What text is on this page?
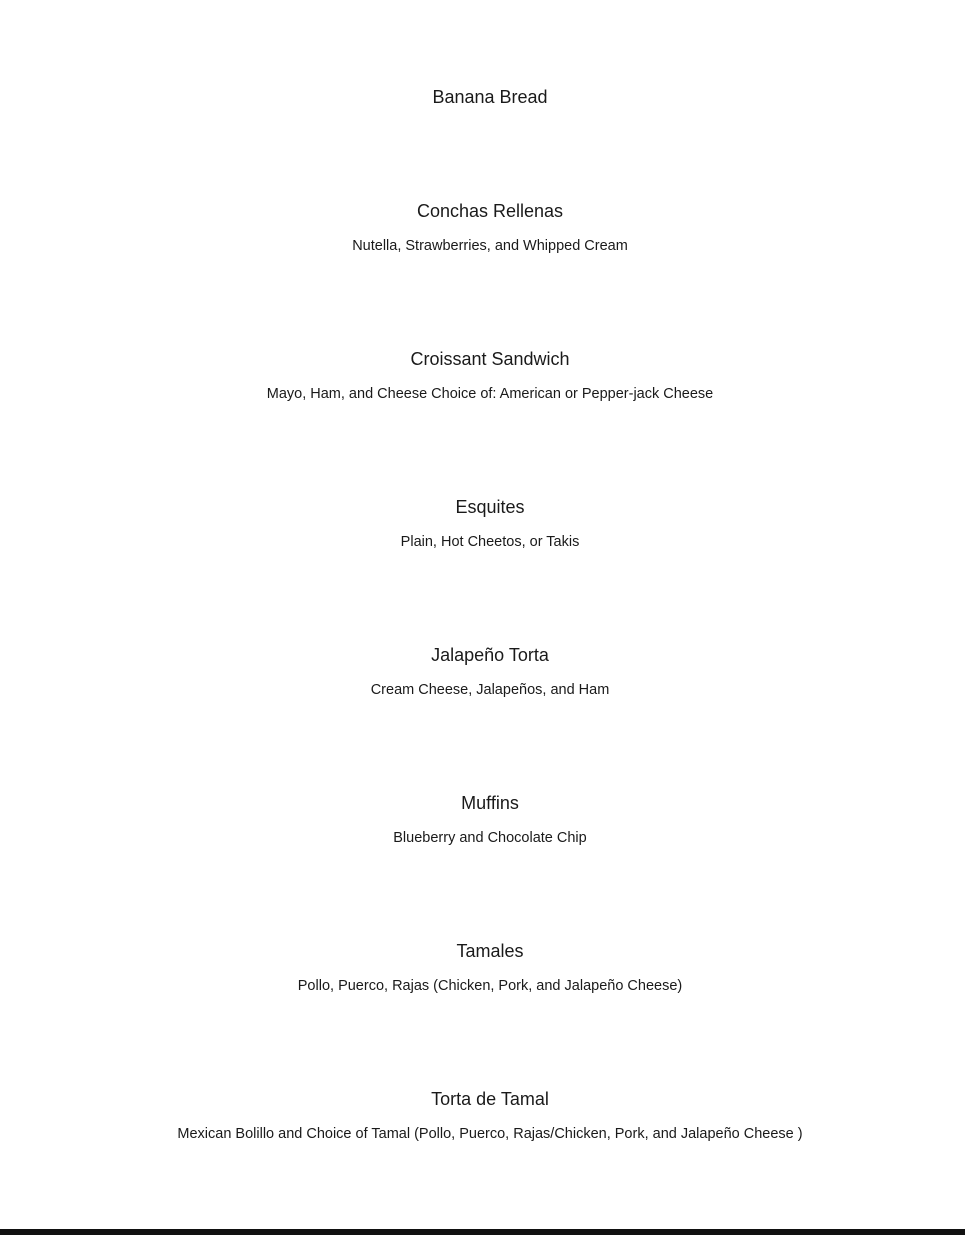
Banana Bread
Conchas Rellenas
Nutella, Strawberries, and Whipped Cream
Croissant Sandwich
Mayo, Ham, and Cheese Choice of: American or Pepper-jack Cheese
Esquites
Plain, Hot Cheetos, or Takis
Jalapeño Torta
Cream Cheese, Jalapeños, and Ham
Muffins
Blueberry and Chocolate Chip
Tamales
Pollo, Puerco, Rajas (Chicken, Pork, and Jalapeño Cheese)
Torta de Tamal
Mexican Bolillo and Choice of Tamal (Pollo, Puerco, Rajas/Chicken, Pork, and Jalapeño Cheese )
